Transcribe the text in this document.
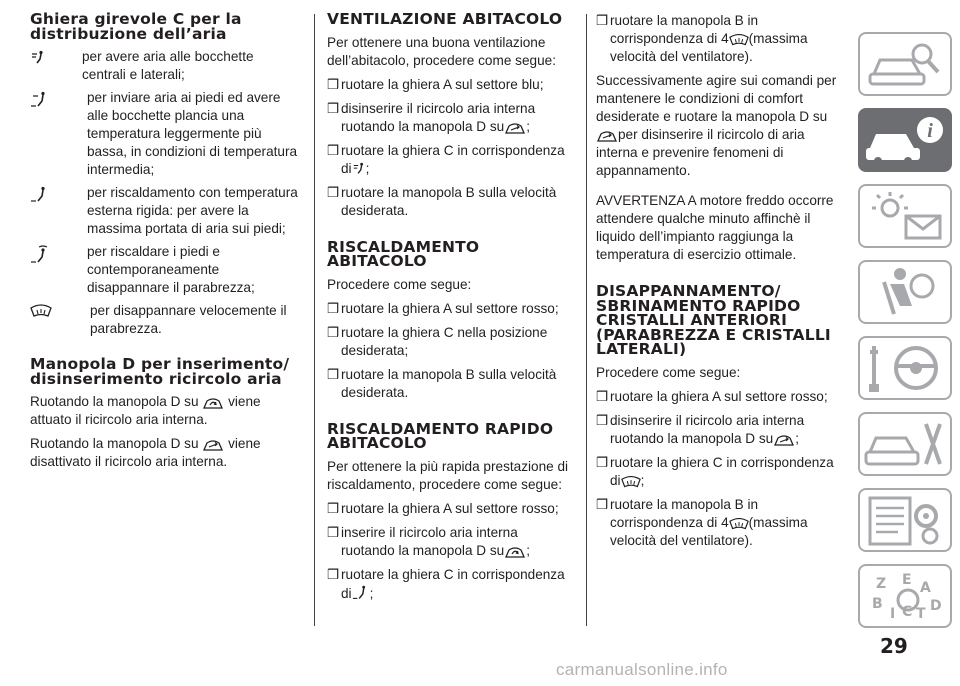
Ghiera girevole C per la distribuzione dell’aria
per avere aria alle bocchette centrali e laterali;
per inviare aria ai piedi ed avere alle bocchette plancia una temperatura leggermente più bassa, in condizioni di temperatura intermedia;
per riscaldamento con temperatura esterna rigida: per avere la massima portata di aria sui piedi;
per riscaldare i piedi e contemporaneamente disappannare il parabrezza;
per disappannare velocemente il parabrezza.
Manopola D per inserimento/ disinserimento ricircolo aria

Ruotando la manopola D su viene attuato il ricircolo aria interna.

Ruotando la manopola D su viene disattivato il ricircolo aria interna.

VENTILAZIONE ABITACOLO

Per ottenere una buona ventilazione dell’abitacolo, procedere come segue:

❒ ruotare la ghiera A sul settore blu;
❒ disinserire il ricircolo aria interna ruotando la manopola D su ;
❒ ruotare la ghiera C in corrispondenza di ;
❒ ruotare la manopola B sulla velocità desiderata.
RISCALDAMENTO ABITACOLO

Procedere come segue:

❒ ruotare la ghiera A sul settore rosso;
❒ ruotare la ghiera C nella posizione desiderata;
❒ ruotare la manopola B sulla velocità desiderata.
RISCALDAMENTO RAPIDO ABITACOLO

Per ottenere la più rapida prestazione di riscaldamento, procedere come segue:

❒ ruotare la ghiera A sul settore rosso;
❒ inserire il ricircolo aria interna ruotando la manopola D su ;
❒ ruotare la ghiera C in corrispondenza di ;
❒ ruotare la manopola B in corrispondenza di 4 (massima velocità del ventilatore).

Successivamente agire sui comandi per mantenere le condizioni di comfort desiderate e ruotare la manopola D su per disinserire il ricircolo di aria interna e prevenire fenomeni di appannamento.

AVVERTENZA A motore freddo occorre attendere qualche minuto affinchè il liquido dell’impianto raggiunga la temperatura di esercizio ottimale.

DISAPPANNAMENTO/ SBRINAMENTO RAPIDO CRISTALLI ANTERIORI (PARABREZZA E CRISTALLI LATERALI)

Procedere come segue:

❒ ruotare la ghiera A sul settore rosso;
❒ disinserire il ricircolo aria interna ruotando la manopola D su ;
❒ ruotare la ghiera C in corrispondenza di ;
❒ ruotare la manopola B in corrispondenza di 4 (massima velocità del ventilatore).
i
Z E A
B
I C T D
29
carmanualsonline.info
